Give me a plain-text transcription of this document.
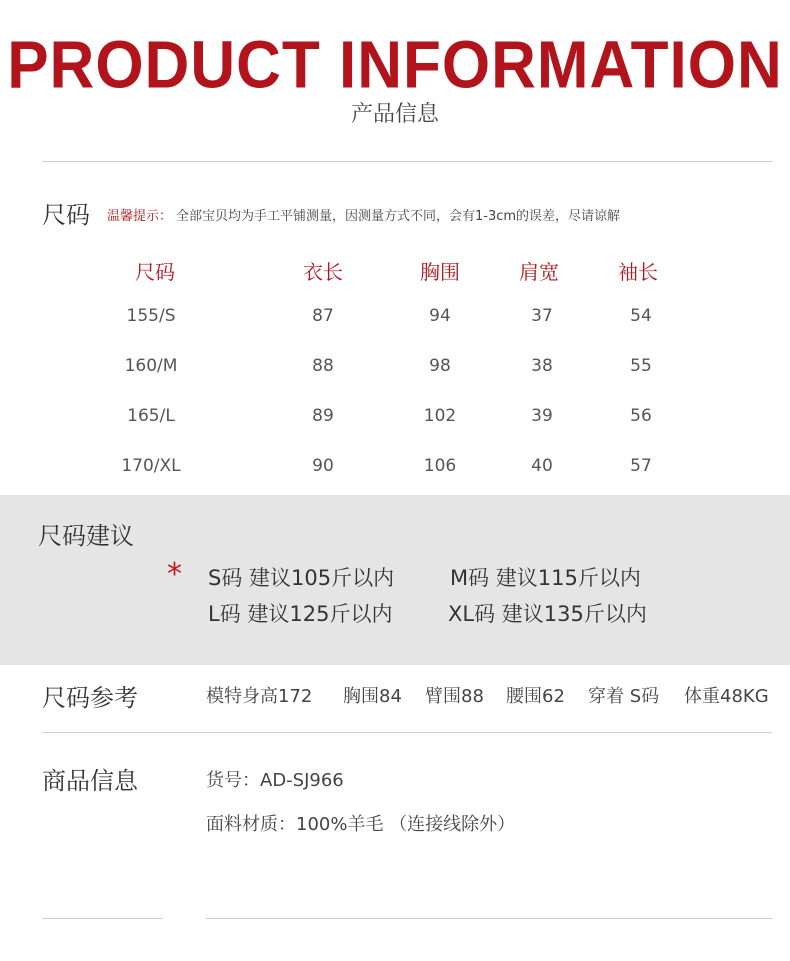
PRODUCT INFORMATION
产品信息
尺码 温馨提示： 全部宝贝均为手工平铺测量，因测量方式不同，会有1-3cm的误差，尽请谅解
尺码	衣长	胸围	肩宽	袖长
155/S	87	94	37	54
160/M	88	98	38	55
165/L	89	102	39	56
170/XL	90	106	40	57
尺码建议
* S码 建议105斤以内	M码 建议115斤以内
L码 建议125斤以内	XL码 建议135斤以内
尺码参考	模特身高172 胸围84 臂围88 腰围62 穿着 S码 体重48KG
商品信息	货号：AD-SJ966
面料材质：100%羊毛 （连接线除外）
